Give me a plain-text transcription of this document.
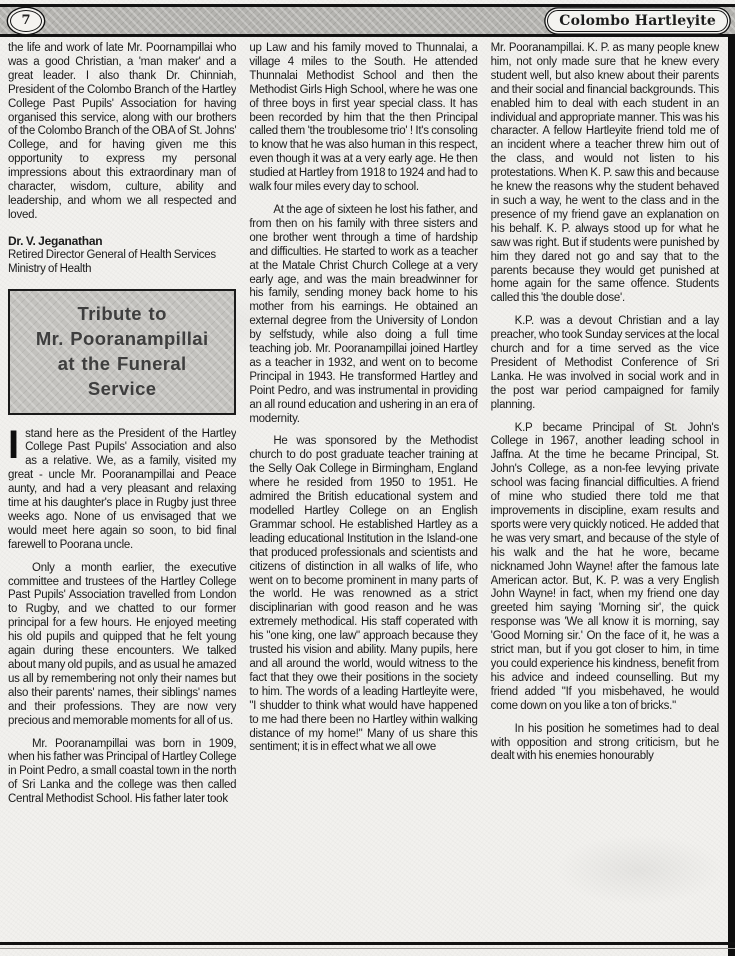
7	Colombo Hartleyite

the life and work of late Mr. Poornampillai who was a good Christian, a 'man maker' and a great leader. I also thank Dr. Chinniah, President of the Colombo Branch of the Hartley College Past Pupils' Association for having organised this service, along with our brothers of the Colombo Branch of the OBA of St. Johns' College, and for having given me this opportunity to express my personal impressions about this extraordinary man of character, wisdom, culture, ability and leadership, and whom we all respected and loved.

Dr. V. Jeganathan
Retired Director General of Health Services
Ministry of Health
Tribute to
Mr. Pooranampillai
at the Funeral
Service

Istand here as the President of the Hartley College Past Pupils' Association and also as a relative. We, as a family, visited my great - uncle Mr. Pooranampillai and Peace aunty, and had a very pleasant and relaxing time at his daughter's place in Rugby just three weeks ago. None of us envisaged that we would meet here again so soon, to bid final farewell to Poorana uncle.

Only a month earlier, the executive committee and trustees of the Hartley College Past Pupils' Association travelled from London to Rugby, and we chatted to our former principal for a few hours. He enjoyed meeting his old pupils and quipped that he felt young again during these encounters. We talked about many old pupils, and as usual he amazed us all by remembering not only their names but also their parents' names, their siblings' names and their professions. They are now very precious and memorable moments for all of us.

Mr. Pooranampillai was born in 1909, when his father was Principal of Hartley College in Point Pedro, a small coastal town in the north of Sri Lanka and the college was then called Central Methodist School. His father later took

up Law and his family moved to Thunnalai, a village 4 miles to the South. He attended Thunnalai Methodist School and then the Methodist Girls High School, where he was one of three boys in first year special class. It has been recorded by him that the then Principal called them 'the troublesome trio' ! It's consoling to know that he was also human in this respect, even though it was at a very early age. He then studied at Hartley from 1918 to 1924 and had to walk four miles every day to school.

At the age of sixteen he lost his father, and from then on his family with three sisters and one brother went through a time of hardship and difficulties. He started to work as a teacher at the Matale Christ Church College at a very early age, and was the main breadwinner for his family, sending money back home to his mother from his earnings. He obtained an external degree from the University of London by selfstudy, while also doing a full time teaching job. Mr. Pooranampillai joined Hartley as a teacher in 1932, and went on to become Principal in 1943. He transformed Hartley and Point Pedro, and was instrumental in providing an all round education and ushering in an era of modernity.

He was sponsored by the Methodist church to do post graduate teacher training at the Selly Oak College in Birmingham, England where he resided from 1950 to 1951. He admired the British educational system and modelled Hartley College on an English Grammar school. He established Hartley as a leading educational Institution in the Island-one that produced professionals and scientists and citizens of distinction in all walks of life, who went on to become prominent in many parts of the world. He was renowned as a strict disciplinarian with good reason and he was extremely methodical. His staff coperated with his "one king, one law" approach because they trusted his vision and ability. Many pupils, here and all around the world, would witness to the fact that they owe their positions in the society to him. The words of a leading Hartleyite were, "I shudder to think what would have happened to me had there been no Hartley within walking distance of my home!" Many of us share this sentiment; it is in effect what we all owe

Mr. Pooranampillai. K. P. as many people knew him, not only made sure that he knew every student well, but also knew about their parents and their social and financial backgrounds. This enabled him to deal with each student in an individual and appropriate manner. This was his character. A fellow Hartleyite friend told me of an incident where a teacher threw him out of the class, and would not listen to his protestations. When K. P. saw this and because he knew the reasons why the student behaved in such a way, he went to the class and in the presence of my friend gave an explanation on his behalf. K. P. always stood up for what he saw was right. But if students were punished by him they dared not go and say that to the parents because they would get punished at home again for the same offence. Students called this 'the double dose'.

K.P. was a devout Christian and a lay preacher, who took Sunday services at the local church and for a time served as the vice President of Methodist Conference of Sri Lanka. He was involved in social work and in the post war period campaigned for family planning.

K.P became Principal of St. John's College in 1967, another leading school in Jaffna. At the time he became Principal, St. John's College, as a non-fee levying private school was facing financial difficulties. A friend of mine who studied there told me that improvements in discipline, exam results and sports were very quickly noticed. He added that he was very smart, and because of the style of his walk and the hat he wore, became nicknamed John Wayne! after the famous late American actor. But, K. P. was a very English John Wayne! in fact, when my friend one day greeted him saying 'Morning sir', the quick response was 'We all know it is morning, say 'Good Morning sir.' On the face of it, he was a strict man, but if you got closer to him, in time you could experience his kindness, benefit from his advice and indeed counselling. But my friend added "If you misbehaved, he would come down on you like a ton of bricks."

In his position he sometimes had to deal with opposition and strong criticism, but he dealt with his enemies honourably
